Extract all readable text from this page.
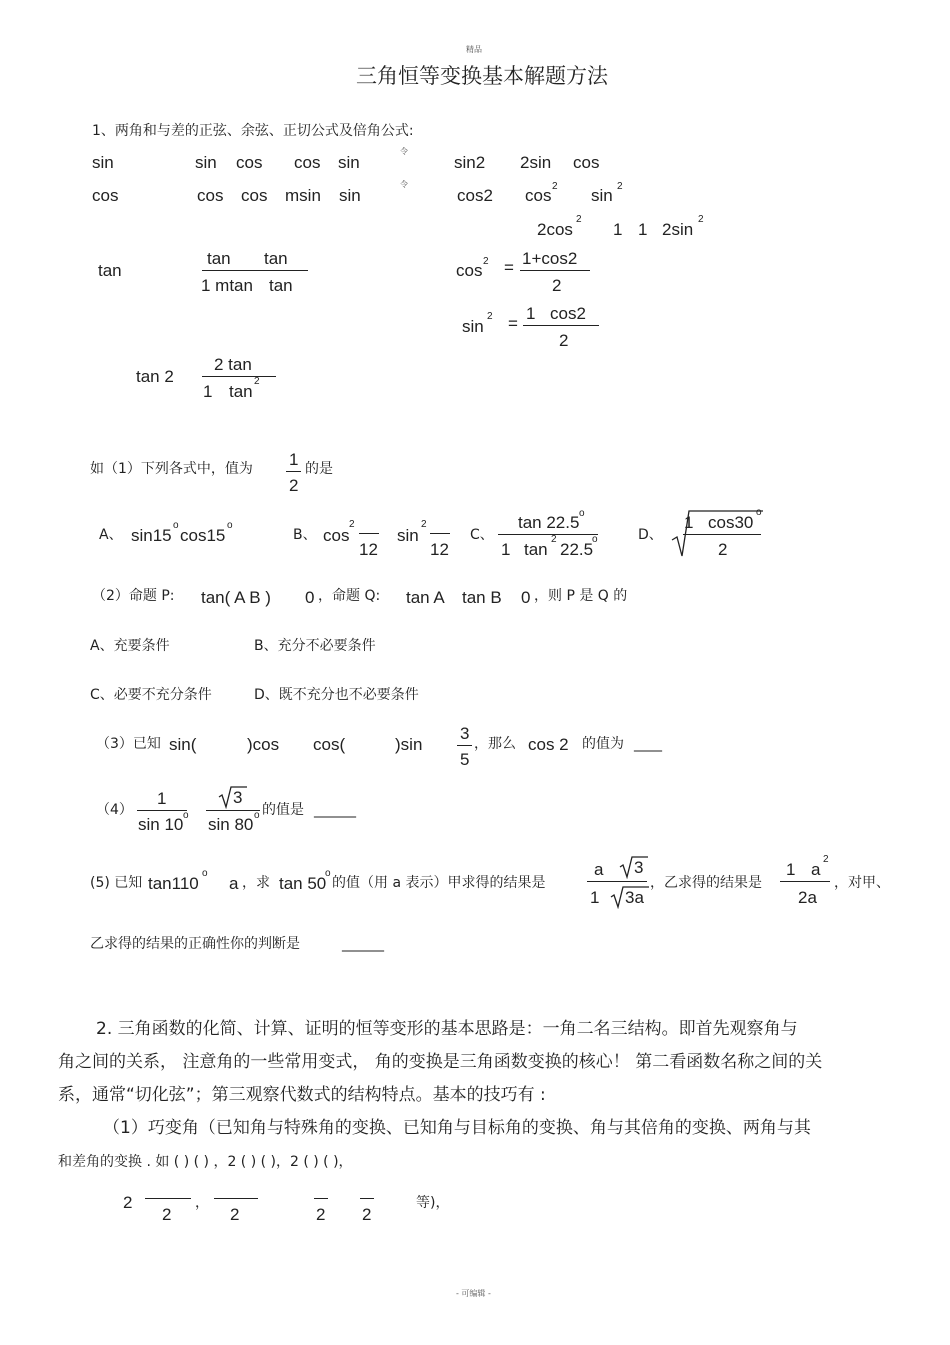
精品
三角恒等变换基本解题方法
1、两角和与差的正弦、余弦、正切公式及倍角公式:
sin	sin cos cos sin
cos	cos cos msin sin
令
令
sin2 2sin cos
cos2 cos 2 sin 2
2cos
2
1 1 2sin
2
tan
tan tan
1 mtan tan
cos 2 = 1+cos2
2
sin
2 =
1 cos2
2
tan 2
2 tan
1 tan
2
如（1）下列各式中，值为 1
2
的是
A、 sin15
o
cos15
o
B、 cos
2
12
sin
2
12
C、
tan 22.5 o
1 tan
2
22.5
o	D、
1 cos30
o
2
（2）命题 P: tan( A B ) 0 ，命题 Q: tan A tan B 0 ，则 P 是 Q 的
A、充要条件	B、充分不必要条件
C、必要不充分条件	D、既不充分也不必要条件
（3）已知 sin(	)cos cos(	)sin
3
5
，那么 cos 2 的值为 ____
（4）
1
sin 10 o
3
sin 80 o 的值是 ______
(5) 已知 tan110
o
a ，求 tan 50
o
的值（用 a 表示）甲求得的结果是
a 3
1 3a
，乙求得的结果是
1 a
2
2a
，对甲、
乙求得的结果的正确性你的判断是	______
2. 三角函数的化简、计算、证明的恒等变形的基本思路是：一角二名三结构。即首先观察角与
角之间的关系， 注意角的一些常用变式， 角的变换是三角函数变换的核心！ 第二看函数名称之间的关
系，通常“切化弦”；第三观察代数式的结构特点。基本的技巧有 :
（1）巧变角（已知角与特殊角的变换、已知角与目标角的变换、角与其倍角的变换、两角与其
和差角的变换 . 如 ( ) ( ) ，2 ( ) ( )，2 ( ) ( )，
2
2
，
2	2 2
等)，
- 可编辑 -
